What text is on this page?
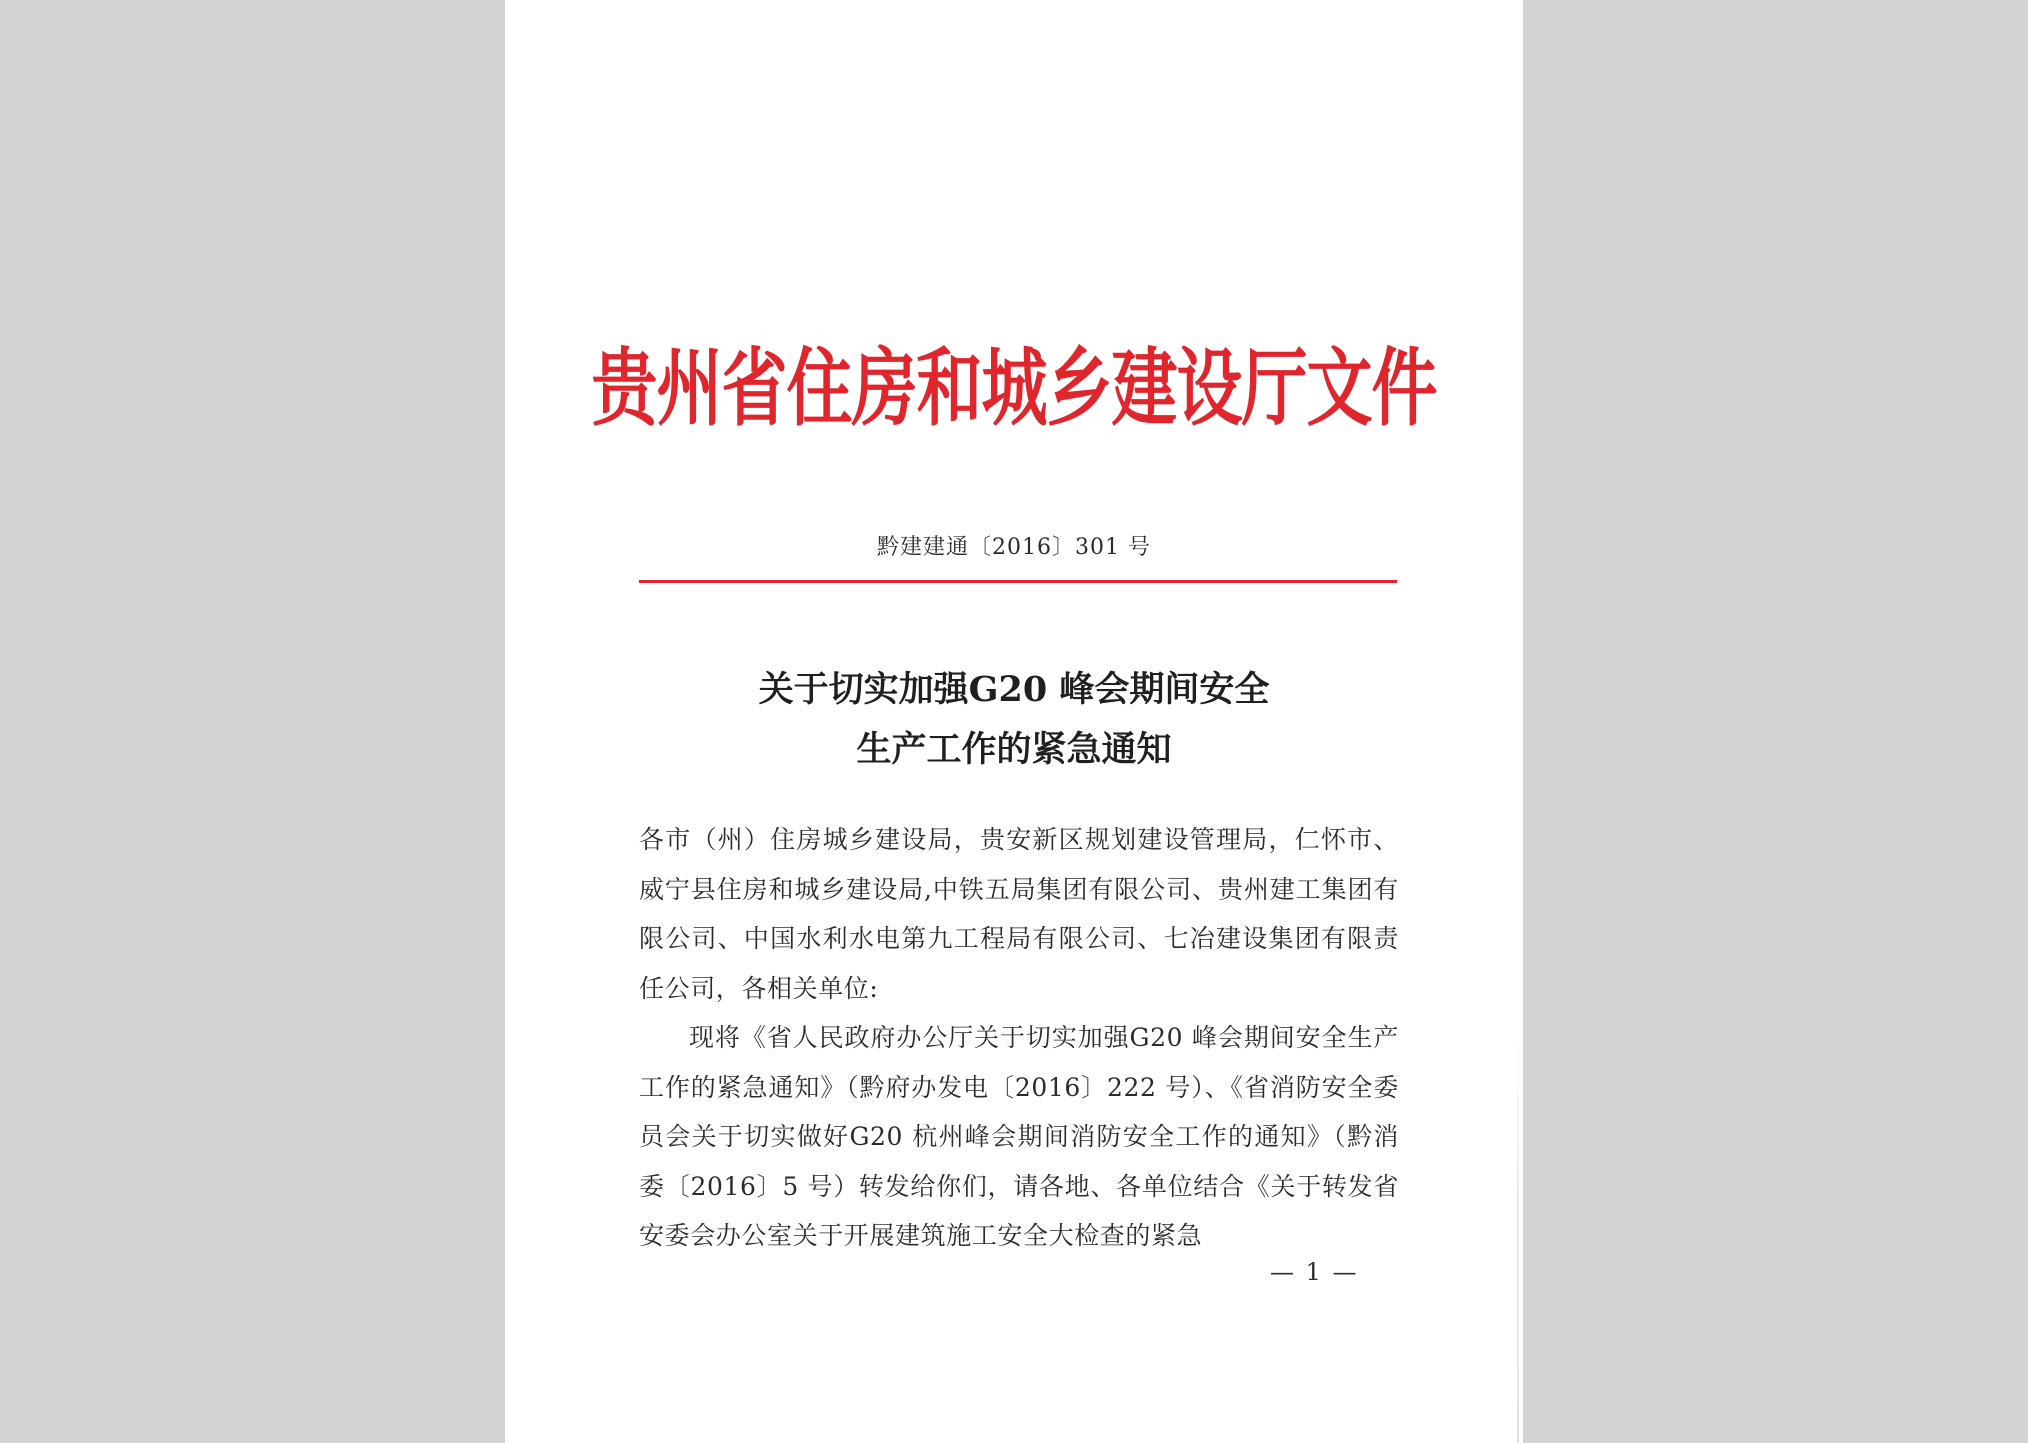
贵州省住房和城乡建设厅文件
黔建建通〔2016〕301 号
关于切实加强G20 峰会期间安全
生产工作的紧急通知

各市（州）住房城乡建设局，贵安新区规划建设管理局，仁怀市、威宁县住房和城乡建设局,中铁五局集团有限公司、贵州建工集团有限公司、中国水利水电第九工程局有限公司、七冶建设集团有限责任公司，各相关单位:

现将《省人民政府办公厅关于切实加强G20 峰会期间安全生产工作的紧急通知》（黔府办发电〔2016〕222 号）、《省消防安全委员会关于切实做好G20 杭州峰会期间消防安全工作的通知》（黔消委〔2016〕5 号）转发给你们，请各地、各单位结合《关于转发省安委会办公室关于开展建筑施工安全大检查的紧急

— 1 —
